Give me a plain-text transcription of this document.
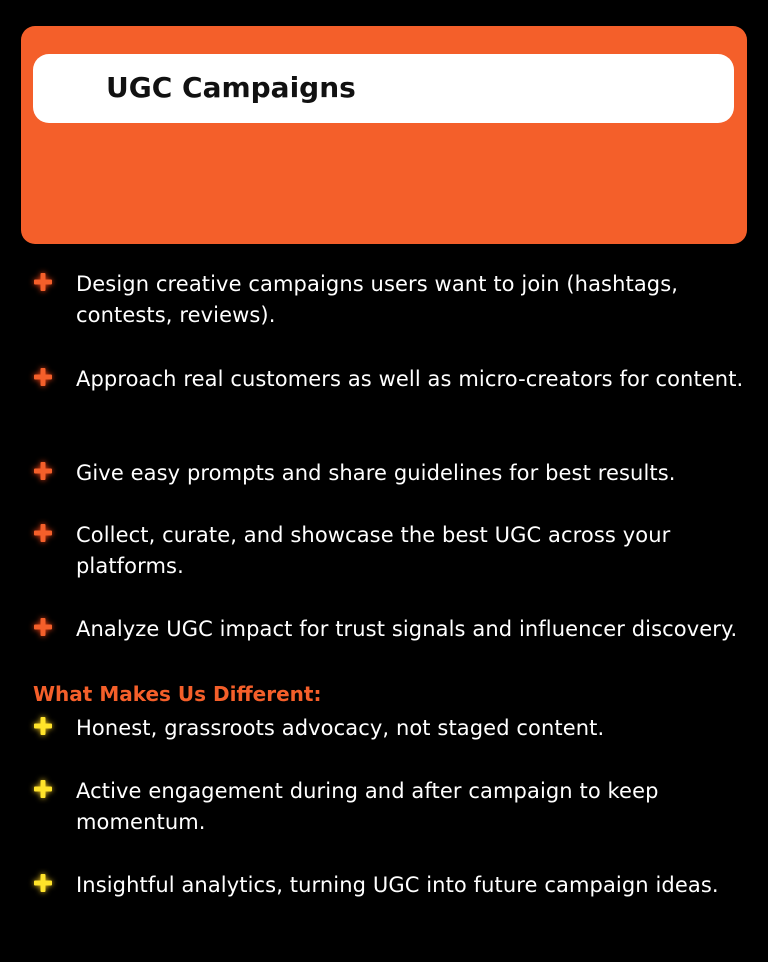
UGC Campaigns
Design creative campaigns users want to join (hashtags, contests, reviews).
Approach real customers as well as micro-creators for content.
Give easy prompts and share guidelines for best results.
Collect, curate, and showcase the best UGC across your platforms.
Analyze UGC impact for trust signals and influencer discovery.
What Makes Us Different:
Honest, grassroots advocacy, not staged content.
Active engagement during and after campaign to keep momentum.
Insightful analytics, turning UGC into future campaign ideas.
